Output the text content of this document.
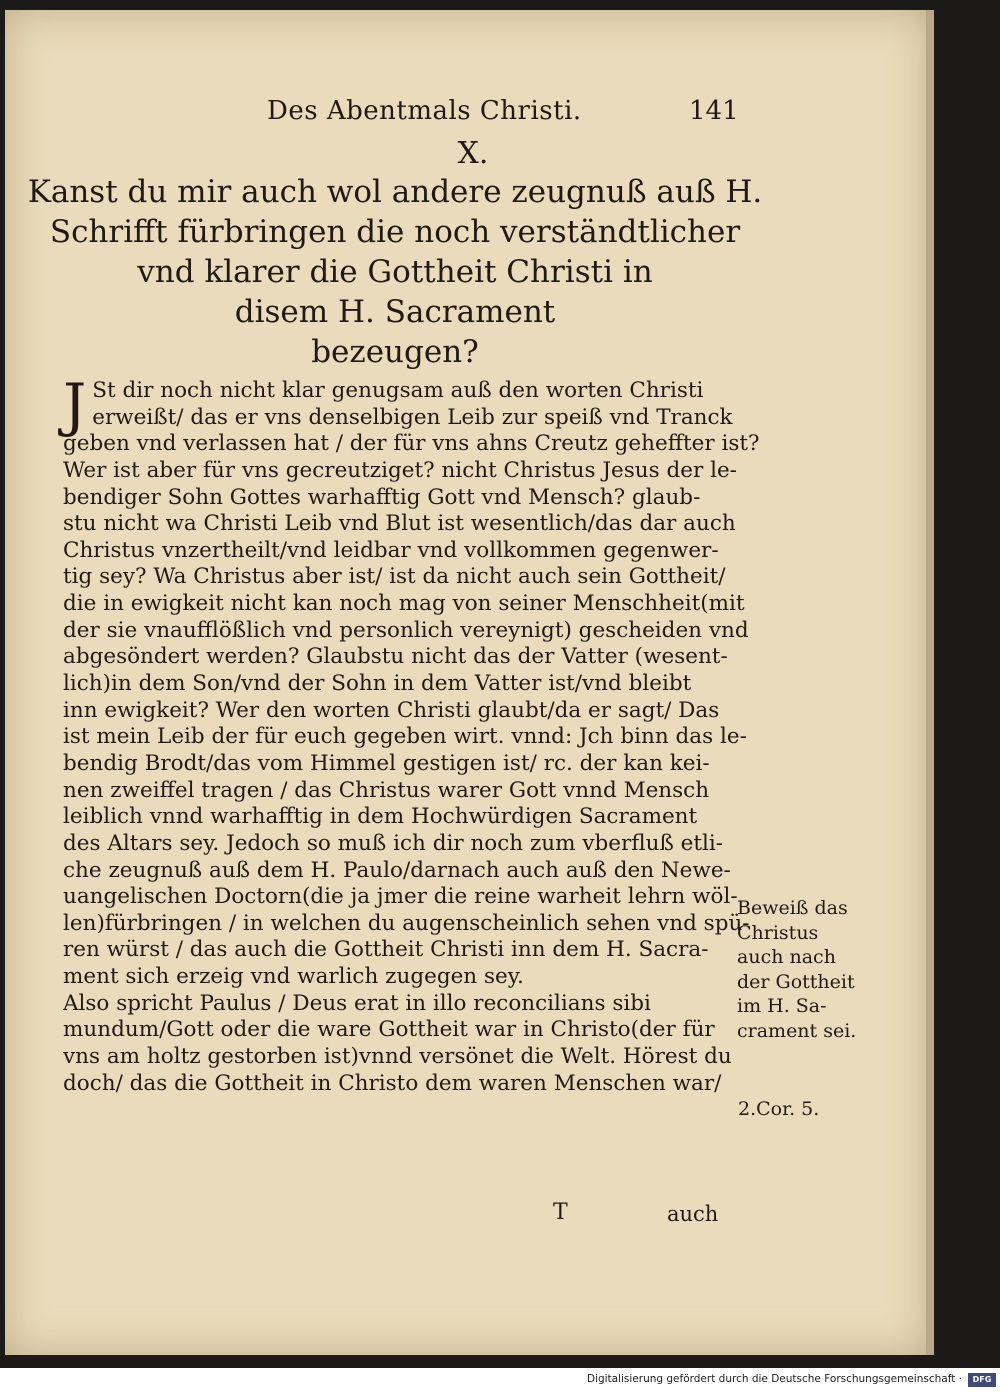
Des Abentmals Christi.	141
X.
Kanst du mir auch wol andere zeugnuß auß H.
Schrifft fürbringen die noch verständtlicher
vnd klarer die Gottheit Christi in
disem H. Sacrament
bezeugen?
J St dir noch nicht klar genugsam auß den worten Christi
erweißt/ das er vns denselbigen Leib zur speiß vnd Tranck
geben vnd verlassen hat / der für vns ahns Creutz geheffter ist?
Wer ist aber für vns gecreutziget? nicht Christus Jesus der le-
bendiger Sohn Gottes warhafftig Gott vnd Mensch? glaub-
stu nicht wa Christi Leib vnd Blut ist wesentlich/das dar auch
Christus vnzertheilt/vnd leidbar vnd vollkommen gegenwer-
tig sey? Wa Christus aber ist/ ist da nicht auch sein Gottheit/
die in ewigkeit nicht kan noch mag von seiner Menschheit(mit
der sie vnaufflößlich vnd personlich vereynigt) gescheiden vnd
abgesöndert werden? Glaubstu nicht das der Vatter (wesent-
lich)in dem Son/vnd der Sohn in dem Vatter ist/vnd bleibt
inn ewigkeit? Wer den worten Christi glaubt/da er sagt/ Das
ist mein Leib der für euch gegeben wirt. vnnd: Jch binn das le-
bendig Brodt/das vom Himmel gestigen ist/ rc. der kan kei-
nen zweiffel tragen / das Christus warer Gott vnnd Mensch
leiblich vnnd warhafftig in dem Hochwürdigen Sacrament
des Altars sey. Jedoch so muß ich dir noch zum vberfluß etli-
che zeugnuß auß dem H. Paulo/darnach auch auß den Newe-
uangelischen Doctorn(die ja jmer die reine warheit lehrn wöl-
len)fürbringen / in welchen du augenscheinlich sehen vnd spü-
ren würst / das auch die Gottheit Christi inn dem H. Sacra-
ment sich erzeig vnd warlich zugegen sey.
Also spricht Paulus / Deus erat in illo reconcilians sibi
mundum/Gott oder die ware Gottheit war in Christo(der für
vns am holtz gestorben ist)vnnd versönet die Welt. Hörest du
doch/ das die Gottheit in Christo dem waren Menschen war/
Beweiß das
Christus
auch nach
der Gottheit
im H. Sa-
crament sei.
2.Cor. 5.
T	auch
Digitalisierung gefördert durch die Deutsche Forschungsgemeinschaft ·	DFG
